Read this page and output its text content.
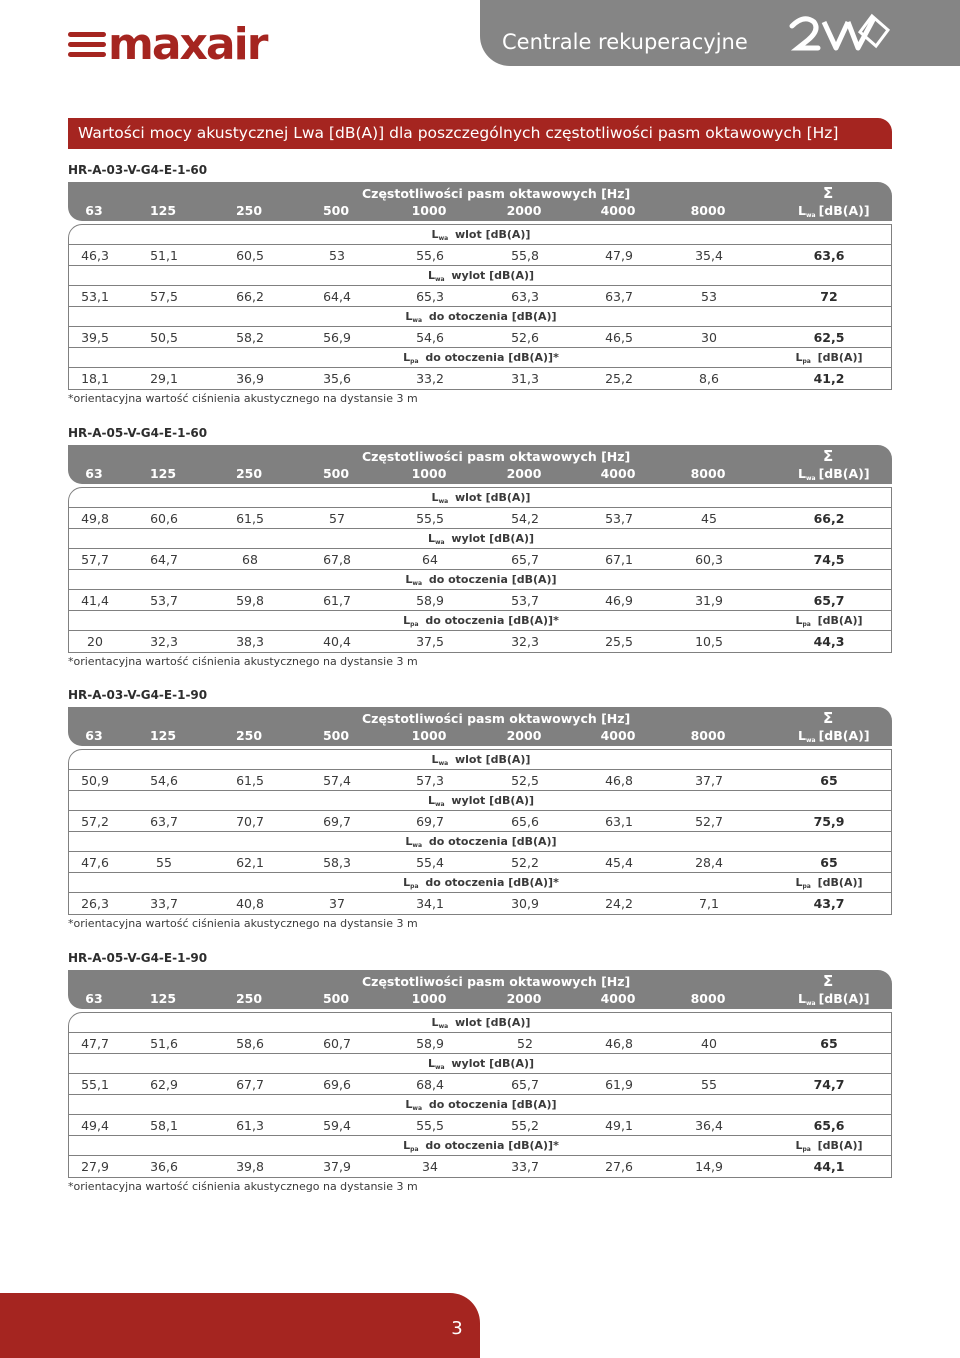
maxair	Centrale rekuperacyjne
Wartości mocy akustycznej Lwa [dB(A)] dla poszczególnych częstotliwości pasm oktawowych [Hz]
HR-A-03-V-G4-E-1-60
Częstotliwości pasm oktawowych [Hz]	Σ
63	125	250	500	1000	2000	4000	8000	$L_{wa}$ [dB(A)]
$L_{wa}$ wlot [dB(A)]
46,3	51,1	60,5	53	55,6	55,8	47,9	35,4	63,6
$L_{wa}$ wylot [dB(A)]
53,1	57,5	66,2	64,4	65,3	63,3	63,7	53	72
$L_{wa}$ do otoczenia [dB(A)]
39,5	50,5	58,2	56,9	54,6	52,6	46,5	30	62,5
$L_{pa}$ do otoczenia [dB(A)]*	$L_{pa}$ [dB(A)]
18,1	29,1	36,9	35,6	33,2	31,3	25,2	8,6	41,2
*orientacyjna wartość ciśnienia akustycznego na dystansie 3 m
HR-A-05-V-G4-E-1-60
Częstotliwości pasm oktawowych [Hz]	Σ
63	125	250	500	1000	2000	4000	8000	$L_{wa}$ [dB(A)]
$L_{wa}$ wlot [dB(A)]
49,8	60,6	61,5	57	55,5	54,2	53,7	45	66,2
$L_{wa}$ wylot [dB(A)]
57,7	64,7	68	67,8	64	65,7	67,1	60,3	74,5
$L_{wa}$ do otoczenia [dB(A)]
41,4	53,7	59,8	61,7	58,9	53,7	46,9	31,9	65,7
$L_{pa}$ do otoczenia [dB(A)]*	$L_{pa}$ [dB(A)]
20	32,3	38,3	40,4	37,5	32,3	25,5	10,5	44,3
*orientacyjna wartość ciśnienia akustycznego na dystansie 3 m
HR-A-03-V-G4-E-1-90
Częstotliwości pasm oktawowych [Hz]	Σ
63	125	250	500	1000	2000	4000	8000	$L_{wa}$ [dB(A)]
$L_{wa}$ wlot [dB(A)]
50,9	54,6	61,5	57,4	57,3	52,5	46,8	37,7	65
$L_{wa}$ wylot [dB(A)]
57,2	63,7	70,7	69,7	69,7	65,6	63,1	52,7	75,9
$L_{wa}$ do otoczenia [dB(A)]
47,6	55	62,1	58,3	55,4	52,2	45,4	28,4	65
$L_{pa}$ do otoczenia [dB(A)]*	$L_{pa}$ [dB(A)]
26,3	33,7	40,8	37	34,1	30,9	24,2	7,1	43,7
*orientacyjna wartość ciśnienia akustycznego na dystansie 3 m
HR-A-05-V-G4-E-1-90
Częstotliwości pasm oktawowych [Hz]	Σ
63	125	250	500	1000	2000	4000	8000	$L_{wa}$ [dB(A)]
$L_{wa}$ wlot [dB(A)]
47,7	51,6	58,6	60,7	58,9	52	46,8	40	65
$L_{wa}$ wylot [dB(A)]
55,1	62,9	67,7	69,6	68,4	65,7	61,9	55	74,7
$L_{wa}$ do otoczenia [dB(A)]
49,4	58,1	61,3	59,4	55,5	55,2	49,1	36,4	65,6
$L_{pa}$ do otoczenia [dB(A)]*	$L_{pa}$ [dB(A)]
27,9	36,6	39,8	37,9	34	33,7	27,6	14,9	44,1
*orientacyjna wartość ciśnienia akustycznego na dystansie 3 m
3
